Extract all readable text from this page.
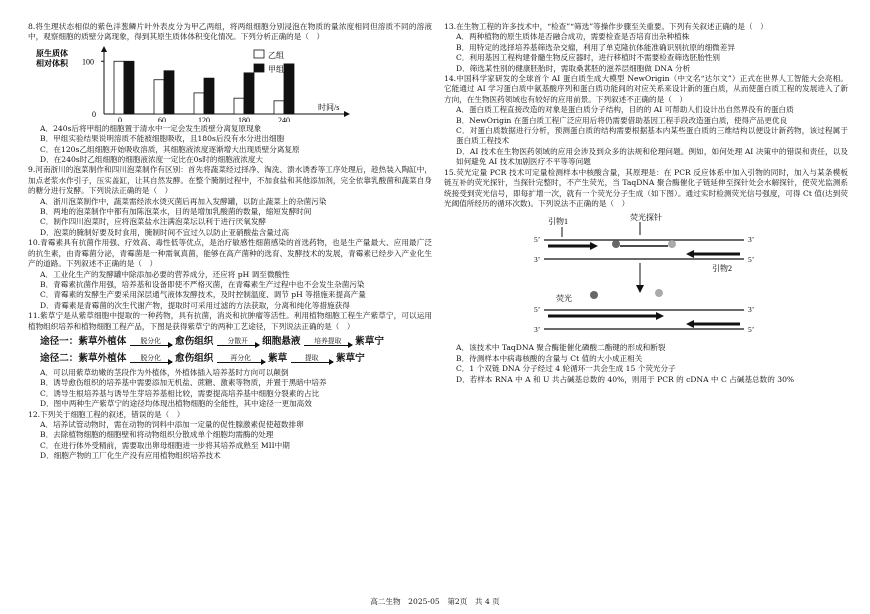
8.将生理状态相似的紫色洋葱鳞片叶外表皮分为甲乙两组，将两组细胞分别浸泡在物质的量浓度相同但溶质不同的溶液中，观察细胞的质壁分离现象，得到其原生质体体积变化情况。下列分析正确的是（　）

原生质体
相对体积 100
0
0	60	120	180	240
时间/s
乙组
甲组

A．240s后将甲组的细胞置于清水中一定会发生质壁分离复原现象

B．甲组实验结果说明溶质不能被细胞吸收，且180s后没有水分进出细胞

C．在120s乙组细胞开始吸收溶质，其细胞液浓度逐渐增大出现质壁分离复原

D．在240s时乙组细胞的细胞液浓度一定比在0s时的细胞液浓度大

9.河南浙川的泡菜制作和四川泡菜制作有区别：首先将蔬菜经过择净、淘洗、溃水诱香等工序处理后，趁热装入陶缸中，加点老浆水作引子，压实盖缸，让其自然发酵。在整个腌制过程中，不加食盐和其他添加剂，完全依靠乳酸菌和蔬菜自身的糖分进行发酵。下列说法正确的是（　）

A．浙川泡菜制作中，蔬菜需经浓水烫灭菌后再加入发酵罐，以防止蔬菜上的杂菌污染

B．两地的泡菜制作中都有加陈泡菜水，目的是增加乳酸菌的数量，缩短发酵时间

C．制作四川泡菜时，应将泡菜盐水注满泡菜坛以利于进行厌氧发酵

D．泡菜的腌制好要及时食用，腌制时间不宜过久以防止亚硝酸盐含量过高

10.青霉素具有抗菌作用强、疗效高、毒性低等优点，是治疗敏感性细菌感染的首选药物，也是生产量最大、应用最广泛的抗生素，由青霉菌分泌，青霉菌是一种需氧真菌，能够在高产菌种的选育、发酵技术的发展，青霉素已经步入产业化生产的道路。下列叙述不正确的是（　）

A．工业化生产的发酵罐中除添加必要的营养成分，还应将 pH 调至微酸性

B．青霉素抗菌作用强，培养基和设备即使不严格灭菌，在青霉素生产过程中也不会发生杂菌污染

C．青霉素的发酵生产要采用深层通气液体发酵技术，及时控制温度、调节 pH 等措施来提高产量

D．青霉素是青霉菌的次生代谢产物，提取时可采用过滤的方法获取，分离和纯化等措施获得

11.紫草宁是从紫草细胞中提取的一种药物，具有抗菌，消炎和抗肿瘤等活性。利用植物细胞工程生产紫草宁，可以运用植物组织培养和植物细胞工程产品，下图是获得紫草宁的两种工艺途径，下列说法正确的是（　）

途径一：紫草外植体	脱分化	愈伤组织	分散开	细胞悬液	培养提取	紫草宁
途径二：紫草外植体	脱分化	愈伤组织	再分化	紫草	提取	紫草宁

A．可以用紫草幼嫩的茎段作为外植体，外植体插入培养基时方向可以颠倒

B．诱导愈伤组织的培养基中需要添加无机盐、蔗糖、激素等物质，并置于黑暗中培养

C．诱导生根培养基与诱导生芽培养基相比较，需要提高培养基中细胞分裂素的占比

D．图中两种生产紫草宁的途径均体现出植物细胞的全能性，其中途径一更加高效

12.下列关于细胞工程的叙述，错误的是（　）

A．培养试管动物时，需在动物的饲料中添加一定量的促性腺激素促使超数排卵

B．去除植物细胞的细胞壁和将动物组织分散成单个细胞均需酶的处理

C．在进行体外受精前，需要取出卵母细胞进一步将其培养成熟至 MII中期

D．细胞产物的工厂化生产没有应用植物组织培养技术

13.在生物工程的许多技术中，“检查”“筛选”等操作步骤至关重要。下列有关叙述正确的是（　）

A．两种植物的原生质体是否融合成功，需要检查是否培育出杂种植株

B．用特定的选择培养基筛选杂交瘤，利用了单克隆抗体能准确识别抗原的细微差异

C．利用基因工程构建骨髓生物反应器时，进行移植时不需要检查筛选胚胎性别

D．筛选某性别的健康胚胎时，需取桑葚胚的滋养层细胞做 DNA 分析

14.中国科学家研发的全球首个 AI 蛋白质生成大模型 NewOrigin（中文名“达尔文”）正式在世界人工智能大会亮相。它能通过 AI 学习蛋白质中氨基酸序列和蛋白质功能间的对应关系来设计新的蛋白质，从而使蛋白质工程的发展进入了新方向，在生物医药领域也有较好的应用前景。下列叙述不正确的是（　）

A．蛋白质工程直接改造的对象是蛋白质分子结构，目的的 AI 可帮助人们设计出自然界没有的蛋白质

B．NewOrigin 在蛋白质工程广泛应用后将仍需要借助基因工程手段改造蛋白质，使得产品更优良

C．对蛋白质数据进行分析，预测蛋白质的结构需要根据基本内某些蛋白质的三维结构以便设计新药物，该过程属于蛋白质工程技术

D．AI 技术在生物医药领域的应用会涉及到众多的法规和伦理问题。例如，如何处理 AI 决策中的错误和责任，以及如何避免 AI 技术加剧医疗不平等等问题

15.荧光定量 PCR 技术可定量检测样本中核酸含量，其原理是：在 PCR 反应体系中加入引物的同时，加入与某条模板链互补的荧光探针，当探针完整时，不产生荧光，当 TaqDNA 聚合酶催化子链延伸至探针处会水解探针，使荧光监测系统接受到荧光信号，即每扩增一次，就有一个荧光分子生成（如下图）。通过实时检测荧光信号强度，可得 Ct 值(达到荧光阈值所经历的循环次数)。下列说法不正确的是（　）

引物1	荧光探针
5’	3’
3’	5’
引物2
荧光
5’	3’
3’	5’

A．该技术中 TaqDNA 聚合酶能催化磷酸二酯键的形成和断裂

B．待测样本中病毒核酸的含量与 Ct 值的大小成正相关

C．1 个双链 DNA 分子经过 4 轮循环一共会生成 15 个荧光分子

D．若样本 RNA 中 A 和 U 共占碱基总数的 40%，则用于 PCR 的 cDNA 中 C 占碱基总数的 30%

高二生物　2025-05　第2页　共 4 页
